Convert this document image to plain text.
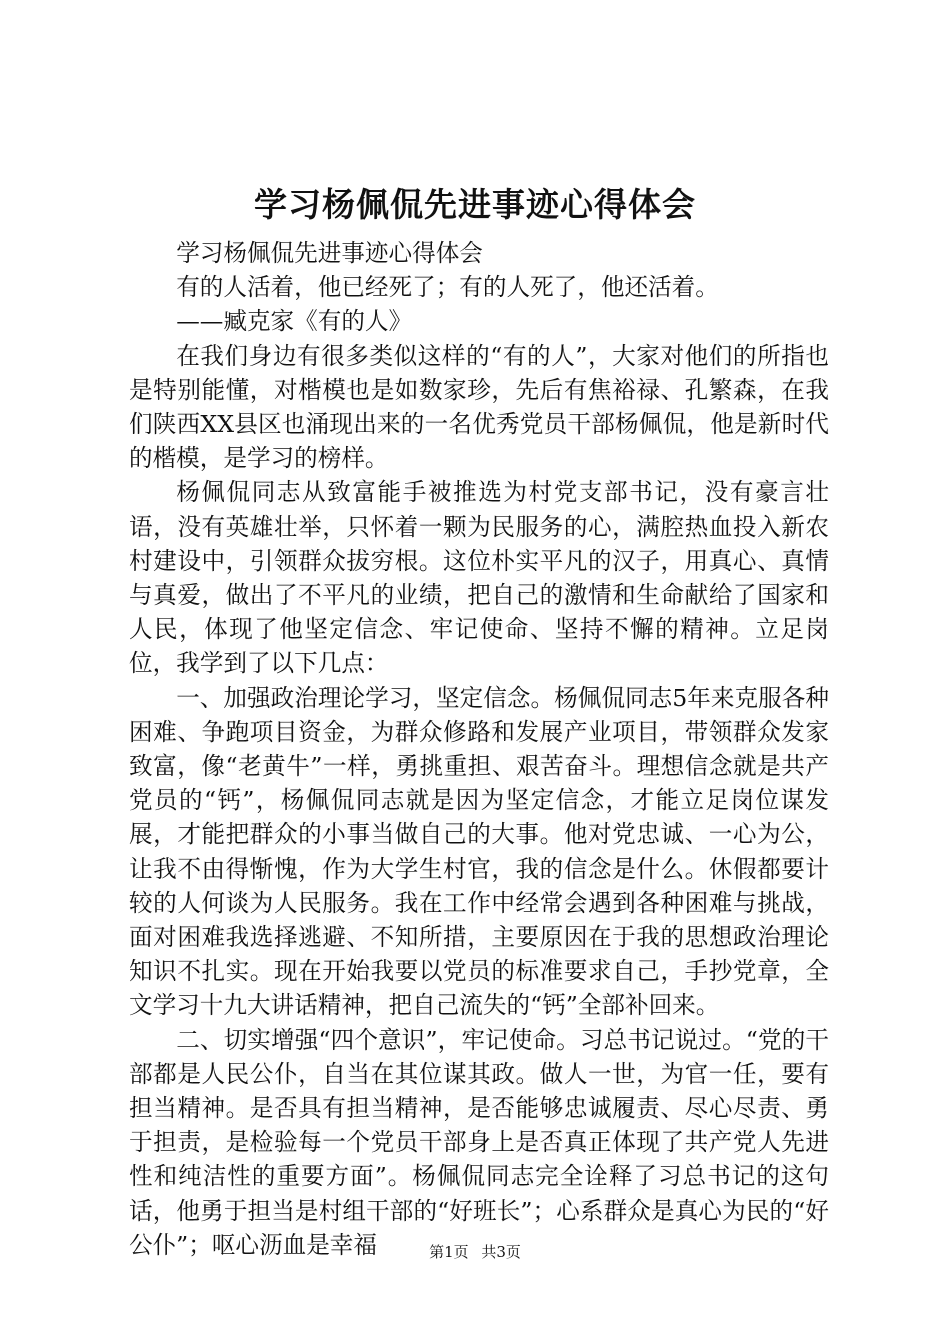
学习杨佩侃先进事迹心得体会

学习杨佩侃先进事迹心得体会

有的人活着，他已经死了；有的人死了，他还活着。

——臧克家《有的人》

在我们身边有很多类似这样的“有的人”，大家对他们的所指也是特别能懂，对楷模也是如数家珍，先后有焦裕禄、孔繁森，在我们陕西XX县区也涌现出来的一名优秀党员干部杨佩侃，他是新时代的楷模，是学习的榜样。

杨佩侃同志从致富能手被推选为村党支部书记，没有豪言壮语，没有英雄壮举，只怀着一颗为民服务的心，满腔热血投入新农村建设中，引领群众拔穷根。这位朴实平凡的汉子，用真心、真情与真爱，做出了不平凡的业绩，把自己的激情和生命献给了国家和人民，体现了他坚定信念、牢记使命、坚持不懈的精神。立足岗位，我学到了以下几点：

一、加强政治理论学习，坚定信念。杨佩侃同志5年来克服各种困难、争跑项目资金，为群众修路和发展产业项目，带领群众发家致富，像“老黄牛”一样，勇挑重担、艰苦奋斗。理想信念就是共产党员的“钙”，杨佩侃同志就是因为坚定信念，才能立足岗位谋发展，才能把群众的小事当做自己的大事。他对党忠诚、一心为公，让我不由得惭愧，作为大学生村官，我的信念是什么。休假都要计较的人何谈为人民服务。我在工作中经常会遇到各种困难与挑战，面对困难我选择逃避、不知所措，主要原因在于我的思想政治理论知识不扎实。现在开始我要以党员的标准要求自己，手抄党章，全文学习十九大讲话精神，把自己流失的“钙”全部补回来。

二、切实增强“四个意识”，牢记使命。习总书记说过。“党的干部都是人民公仆，自当在其位谋其政。做人一世，为官一任，要有担当精神。是否具有担当精神，是否能够忠诚履责、尽心尽责、勇于担责，是检验每一个党员干部身上是否真正体现了共产党人先进性和纯洁性的重要方面”。杨佩侃同志完全诠释了习总书记的这句话，他勇于担当是村组干部的“好班长”；心系群众是真心为民的“好公仆”；呕心沥血是幸福	第1页 共3页
